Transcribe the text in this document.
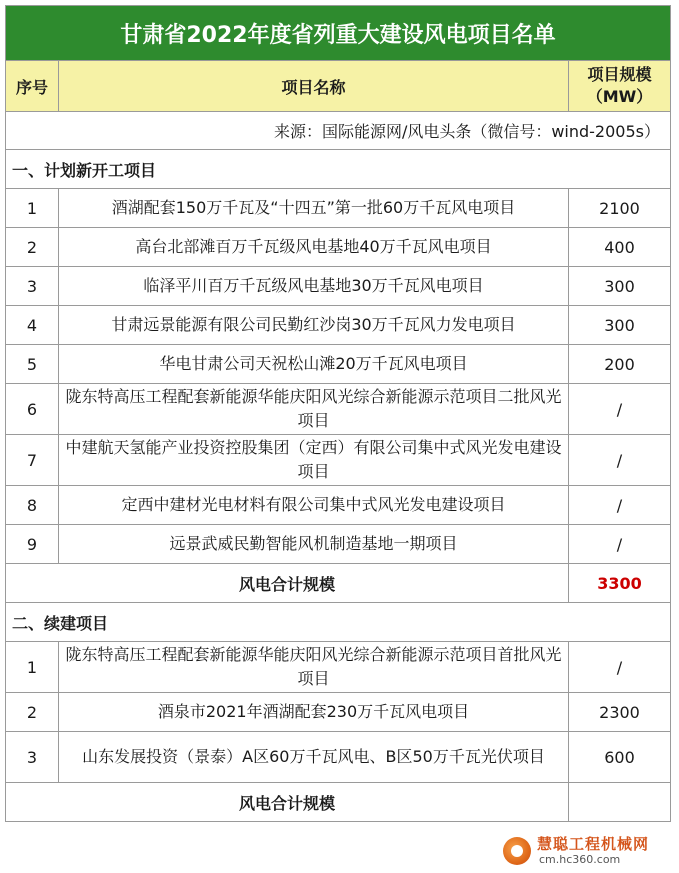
甘肃省2022年度省列重大建设风电项目名单		
序号	项目名称	项目规模
（MW）
来源：国际能源网/风电头条（微信号：wind-2005s）		
一、计划新开工项目		
1	酒湖配套150万千瓦及“十四五”第一批60万千瓦风电项目	2100
2	高台北部滩百万千瓦级风电基地40万千瓦风电项目	400
3	临泽平川百万千瓦级风电基地30万千瓦风电项目	300
4	甘肃远景能源有限公司民勤红沙岗30万千瓦风力发电项目	300
5	华电甘肃公司天祝松山滩20万千瓦风电项目	200
6	陇东特高压工程配套新能源华能庆阳风光综合新能源示范项目二批风光项目	/
7	中建航天氢能产业投资控股集团（定西）有限公司集中式风光发电建设项目	/
8	定西中建材光电材料有限公司集中式风光发电建设项目	/
9	远景武威民勤智能风机制造基地一期项目	/
风电合计规模		3300
二、续建项目		
1	陇东特高压工程配套新能源华能庆阳风光综合新能源示范项目首批风光项目	/
2	酒泉市2021年酒湖配套230万千瓦风电项目	2300
3	山东发展投资（景泰）A区60万千瓦风电、B区50万千瓦光伏项目	600
风电合计规模		
慧聪工程机械网
cm.hc360.com
